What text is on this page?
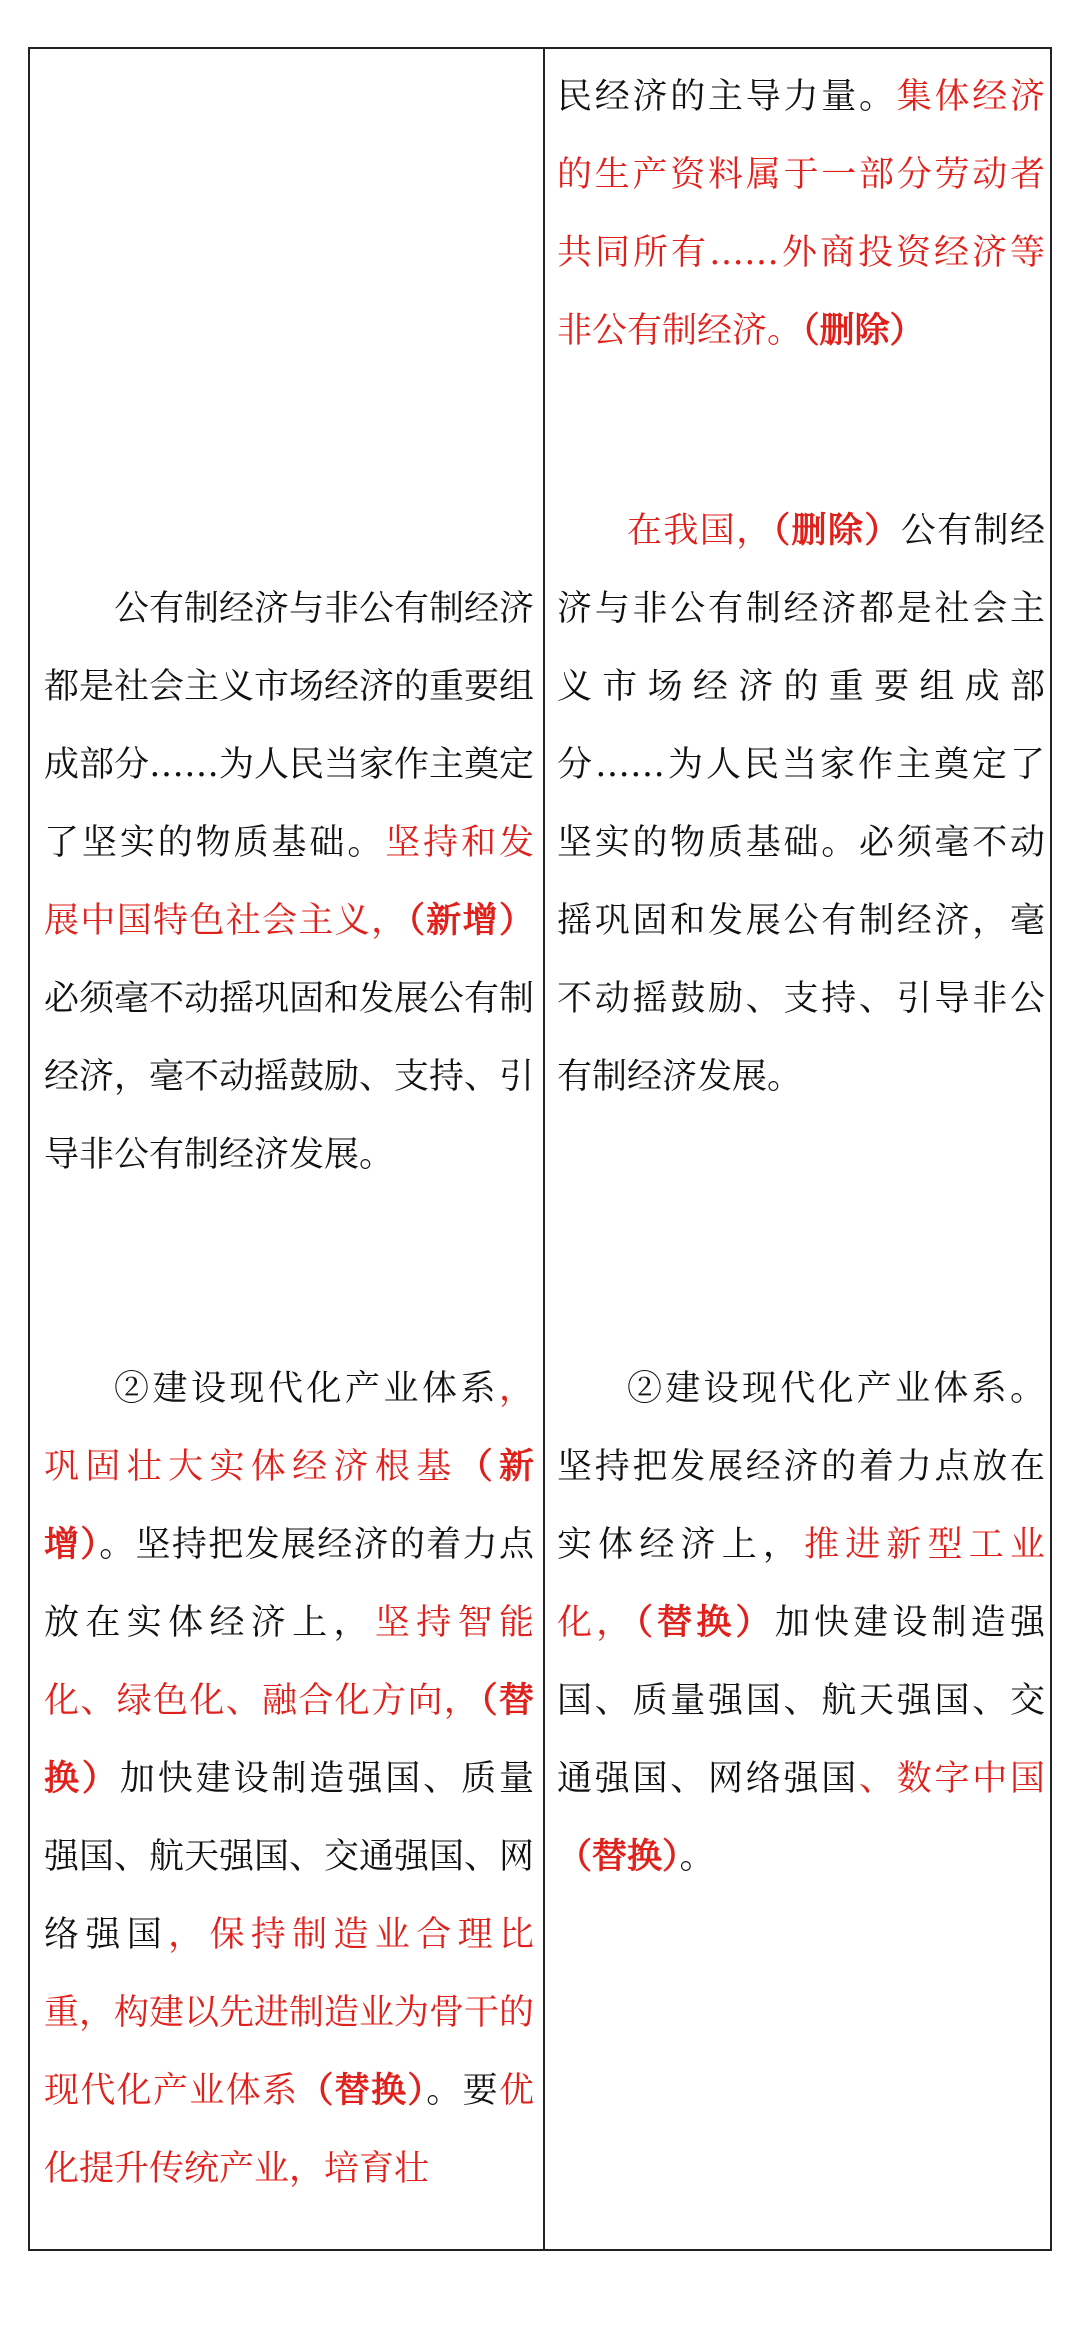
公有制经济与非公有制经济都是社会主义市场经济的重要组成部分……为人民当家作主奠定了坚实的物质基础。坚持和发展中国特色社会主义，（新增）必须毫不动摇巩固和发展公有制经济，毫不动摇鼓励、支持、引导非公有制经济发展。

②建设现代化产业体系，巩固壮大实体经济根基（新增）。坚持把发展经济的着力点放在实体经济上，坚持智能化、绿色化、融合化方向，（替换）加快建设制造强国、质量强国、航天强国、交通强国、网络强国，保持制造业合理比重，构建以先进制造业为骨干的现代化产业体系（替换）。要优化提升传统产业，培育壮

民经济的主导力量。集体经济的生产资料属于一部分劳动者共同所有……外商投资经济等非公有制经济。（删除）

在我国，（删除）公有制经济与非公有制经济都是社会主义市场经济的重要组成部分……为人民当家作主奠定了坚实的物质基础。必须毫不动摇巩固和发展公有制经济，毫不动摇鼓励、支持、引导非公有制经济发展。

②建设现代化产业体系。坚持把发展经济的着力点放在实体经济上，推进新型工业化，（替换）加快建设制造强国、质量强国、航天强国、交通强国、网络强国、数字中国（替换）。
